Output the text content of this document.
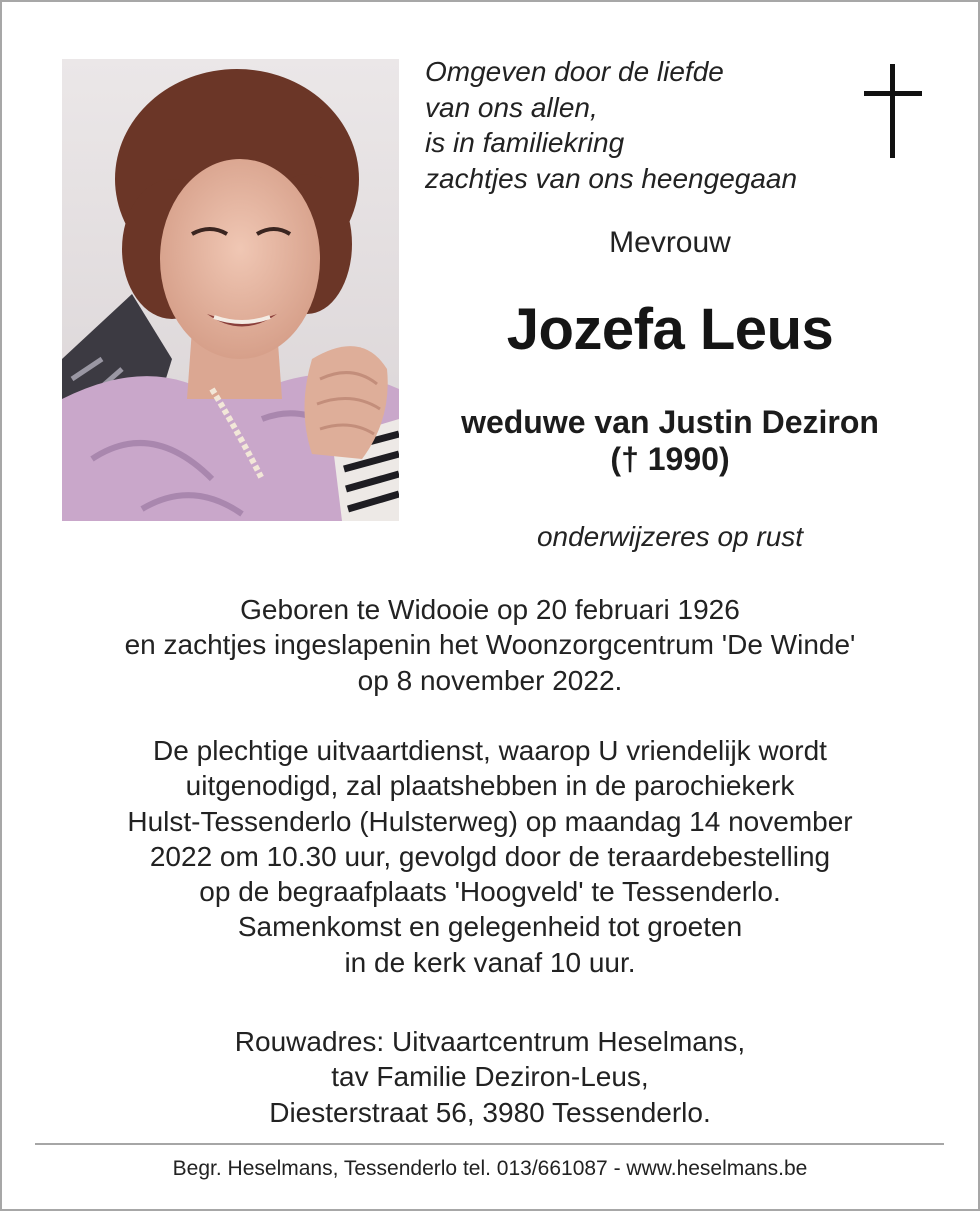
Omgeven door de liefde
van ons allen,
is in familiekring
zachtjes van ons heengegaan
Mevrouw
Jozefa Leus
weduwe van Justin Deziron
(† 1990)
onderwijzeres op rust
Geboren te Widooie op 20 februari 1926
en zachtjes ingeslapenin het Woonzorgcentrum 'De Winde'
op 8 november 2022.
De plechtige uitvaartdienst, waarop U vriendelijk wordt
uitgenodigd, zal plaatshebben in de parochiekerk
Hulst-Tessenderlo (Hulsterweg) op maandag 14 november
2022 om 10.30 uur, gevolgd door de teraardebestelling
op de begraafplaats 'Hoogveld' te Tessenderlo.
Samenkomst en gelegenheid tot groeten
in de kerk vanaf 10 uur.
Rouwadres: Uitvaartcentrum Heselmans,
tav Familie Deziron-Leus,
Diesterstraat 56, 3980 Tessenderlo.
Begr. Heselmans, Tessenderlo tel. 013/661087 - www.heselmans.be
